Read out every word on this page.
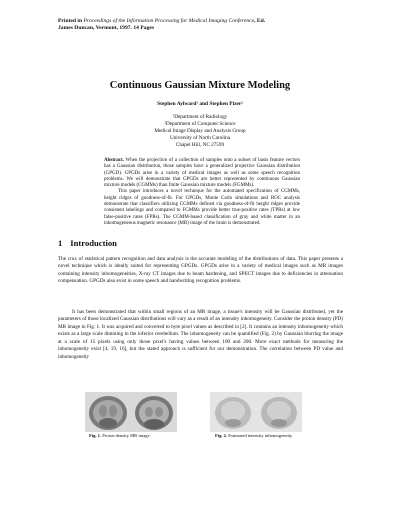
Printed in Proceedings of the Information Processing for Medical Imaging Conference, Ed.
James Duncan, Vermont, 1997. 14 Pages
Continuous Gaussian Mixture Modeling
Stephen Aylward¹ and Stephen Pizer²
¹Department of Radiology
²Department of Computer Science
Medical Image Display and Analysis Group
University of North Carolina
Chapel Hill, NC 27599

Abstract. When the projection of a collection of samples onto a subset of basis feature vectors has a Gaussian distribution, those samples have a generalized projective Gaussian distribution (GPGD). GPGDs arise in a variety of medical images as well as some speech recognition problems. We will demonstrate that GPGDs are better represented by continuous Gaussian mixture models (CGMMs) than finite Gaussian mixture models (FGMMs).

This paper introduces a novel technique for the automated specification of CGMMs, height ridges of goodness-of-fit. For GPGDs, Monte Carlo simulations and ROC analysis demonstrate that classifiers utilizing CGMMs defined via goodness-of-fit height ridges provide consistent labelings and compared to FGMMs provide better true-positive rates (TPRs) at low false-positive rates (FPRs). The CGMM-based classification of gray and white matter in an inhomogeneous magnetic resonance (MR) image of the brain is demonstrated.

1 Introduction

The crux of statistical pattern recognition and data analysis is the accurate modeling of the distributions of data. This paper presents a novel technique which is ideally suited for representing GPGDs. GPGDs arise in a variety of medical images such as MR images containing intensity inhomogeneities, X-ray CT images due to beam hardening, and SPECT images due to deficiencies in attenuation compensation. GPGDs also exist in some speech and handwriting recognition problems.

It has been demonstrated that within small regions of an MR image, a tissue's intensity will be Gaussian distributed, yet the parameters of those localized Gaussian distributions will vary as a result of an intensity inhomogeneity. Consider the proton density (PD) MR image in Fig. 1. It was acquired and converted to byte pixel values as described in [2]. It contains an intensity inhomogeneity which exists as a large scale dimming in the inferior cerebellum. The inhomogeneity can be quantified (Fig. 2) by Gaussian blurring the image at a scale of 15 pixels using only those pixel's having values between 100 and 200. More exact methods for measuring the inhomogeneity exist [4, 19, 16], but the stated approach is sufficient for our demonstration. The correlation between PD value and inhomogeneity

Fig. 1. Proton density MR image	Fig. 2. Estimated intensity inhomogeneity
